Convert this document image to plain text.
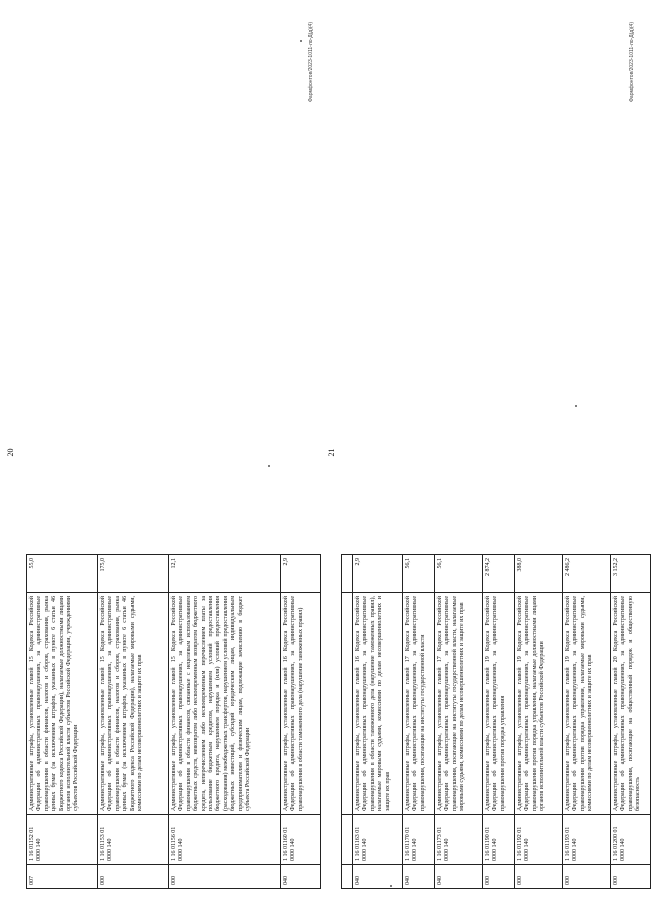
20
007	1 16 01152 01 0000 140	Административные штрафы, установленные главой 15 Кодекса Российской Федерации об административных правонарушениях, за административные правонарушения в области финансов, налогов и сборов, страхования, рынка ценных бумаг (за исключением штрафов, указанных в пункте 6 статьи 46 Бюджетного кодекса Российской Федерации), налагаемые должностными лицами органов исполнительной власти субъектов Российской Федерации, учреждениями субъектов Российской Федерации	55,0
000	1 16 01153 01 0000 140	Административные штрафы, установленные главой 15 Кодекса Российской Федерации об административных правонарушениях, за административные правонарушения в области финансов, налогов и сборов, страхования, рынка ценных бумаг (за исключением штрафов, указанных в пункте 6 статьи 46 Бюджетного кодекса Российской Федерации), налагаемые мировыми судьями, комиссиями по делам несовершеннолетних и защите их прав	175,0
000	1 16 01156 01 0000 140	Административные штрафы, установленные главой 15 Кодекса Российской Федерации об административных правонарушениях, за административные правонарушения в области финансов, связанные с нецелевым использованием бюджетных средств, невозвратом либо несвоевременным возвратом бюджетного кредита, неперечислением либо несвоевременным перечислением платы за пользование бюджетным кредитом, нарушением условий предоставления бюджетного кредита, нарушением порядка и (или) условий предоставления (расходования) межбюджетных трансфертов, нарушением условий предоставления бюджетных инвестиций, субсидий юридическим лицам, индивидуальным предпринимателям и физическим лицам, подлежащие зачислению в бюджет субъекта Российской Федерации	12,1
040	1 16 01160 01 0000 140	Административные штрафы, установленные главой 16 Кодекса Российской Федерации об административных правонарушениях, за административные правонарушения в области таможенного дела (нарушение таможенных правил)	2,9
Фармфонтов/2023-1011-ло-Д(д)(4)
21

040	1 16 01163 01 0000 140	Административные штрафы, установленные главой 16 Кодекса Российской Федерации об административных правонарушениях, за административные правонарушения в области таможенного дела (нарушение таможенных правил), налагаемые мировыми судьями, комиссиями по делам несовершеннолетних и защите их прав	2,9
040	1 16 01170 01 0000 140	Административные штрафы, установленные главой 17 Кодекса Российской Федерации об административных правонарушениях, за административные правонарушения, посягающие на институты государственной власти	56,1
040	1 16 01173 01 0000 140	Административные штрафы, установленные главой 17 Кодекса Российской Федерации об административных правонарушениях, за административные правонарушения, посягающие на институты государственной власти, налагаемые мировыми судьями, комиссиями по делам несовершеннолетних и защите их прав	56,1
000	1 16 01190 01 0000 140	Административные штрафы, установленные главой 19 Кодекса Российской Федерации об административных правонарушениях, за административные правонарушения против порядка управления	2 874,2
000	1 16 01192 01 0000 140	Административные штрафы, установленные главой 19 Кодекса Российской Федерации об административных правонарушениях, за административные правонарушения против порядка управления, налагаемые должностными лицами органов исполнительной власти субъектов Российской Федерации	388,0
000	1 16 01193 01 0000 140	Административные штрафы, установленные главой 19 Кодекса Российской Федерации об административных правонарушениях, за административные правонарушения против порядка управления, налагаемые мировыми судьями, комиссиями по делам несовершеннолетних и защите их прав	2 486,2
000	1 16 01200 01 0000 140	Административные штрафы, установленные главой 20 Кодекса Российской Федерации об административных правонарушениях, за административные правонарушения, посягающие на общественный порядок и общественную безопасность	3 152,2
Фармфонтов/2023-1011-ло-Д(д)(4)
